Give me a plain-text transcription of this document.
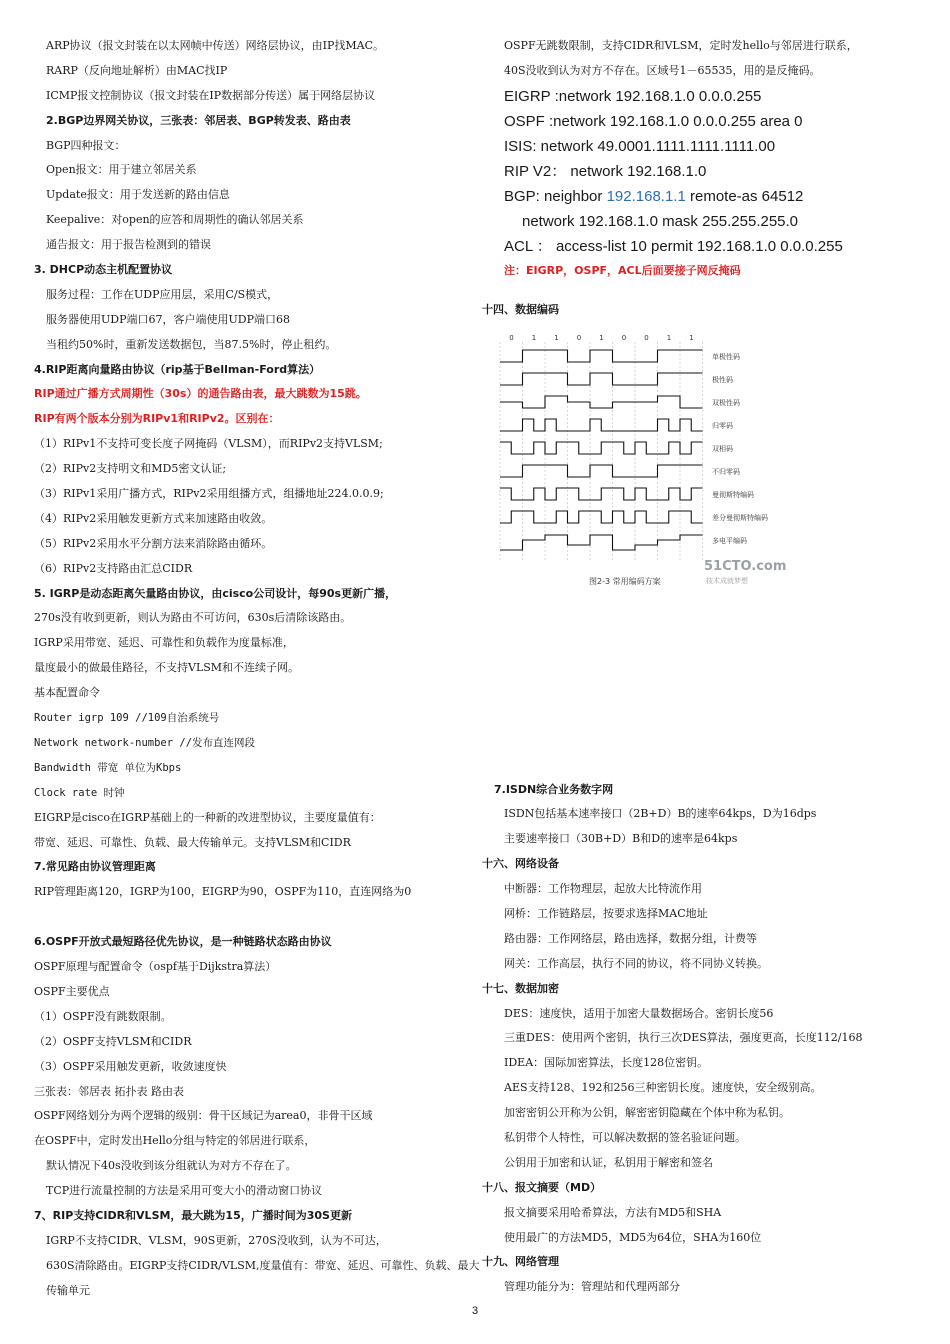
ARP协议（报文封装在以太网帧中传送）网络层协议，由IP找MAC。
RARP（反向地址解析）由MAC找IP
ICMP报文控制协议（报文封装在IP数据部分传送）属于网络层协议
2.BGP边界网关协议，三张表：邻居表、BGP转发表、路由表
BGP四种报文：
Open报文：用于建立邻居关系
Update报文：用于发送新的路由信息
Keepalive：对open的应答和周期性的确认邻居关系
通告报文：用于报告检测到的错误
3. DHCP动态主机配置协议
服务过程：工作在UDP应用层，采用C/S模式，
服务器使用UDP端口67，客户端使用UDP端口68
当租约50%时，重新发送数据包，当87.5%时，停止租约。
4.RIP距离向量路由协议（rip基于Bellman-Ford算法）
RIP通过广播方式周期性（30s）的通告路由表，最大跳数为15跳。
RIP有两个版本分别为RIPv1和RIPv2。区别在：
（1）RIPv1不支持可变长度子网掩码（VLSM），而RIPv2支持VLSM;
（2）RIPv2支持明文和MD5密文认证;
（3）RIPv1采用广播方式，RIPv2采用组播方式，组播地址224.0.0.9;
（4）RIPv2采用触发更新方式来加速路由收敛。
（5）RIPv2采用水平分割方法来消除路由循环。
（6）RIPv2支持路由汇总CIDR
5. IGRP是动态距离矢量路由协议，由cisco公司设计，每90s更新广播，
270s没有收到更新，则认为路由不可访问，630s后清除该路由。
IGRP采用带宽、延迟、可靠性和负载作为度量标准，
量度最小的做最佳路径，不支持VLSM和不连续子网。
基本配置命令
Router igrp 109 //109自治系统号
Network network-number //发布直连网段
Bandwidth 带宽 单位为Kbps
Clock rate 时钟
EIGRP是cisco在IGRP基础上的一种新的改进型协议，主要度量值有：
带宽、延迟、可靠性、负载、最大传输单元。支持VLSM和CIDR
7.常见路由协议管理距离
RIP管理距离120，IGRP为100，EIGRP为90，OSPF为110，直连网络为0
6.OSPF开放式最短路径优先协议，是一种链路状态路由协议
OSPF原理与配置命令（ospf基于Dijkstra算法）
OSPF主要优点
（1）OSPF没有跳数限制。
（2）OSPF支持VLSM和CIDR
（3）OSPF采用触发更新，收敛速度快
三张表：邻居表 拓扑表 路由表
OSPF网络划分为两个逻辑的级别：骨干区域记为area0，非骨干区域
在OSPF中，定时发出Hello分组与特定的邻居进行联系，
默认情况下40s没收到该分组就认为对方不存在了。
TCP进行流量控制的方法是采用可变大小的滑动窗口协议
7、RIP支持CIDR和VLSM，最大跳为15，广播时间为30S更新
IGRP不支持CIDR、VLSM，90S更新，270S没收到，认为不可达，
630S清除路由。EIGRP支持CIDR/VLSM,度量值有：带宽、延迟、可靠性、负载、最大
传输单元
OSPF无跳数限制，支持CIDR和VLSM，定时发hello与邻居进行联系，
40S没收到认为对方不存在。区域号1－65535，用的是反掩码。
EIGRP :network 192.168.1.0 0.0.0.255
OSPF :network 192.168.1.0 0.0.0.255 area 0
ISIS: network 49.0001.1111.1111.1111.00
RIP V2： network 192.168.1.0
BGP: neighbor 192.168.1.1 remote-as 64512
network 192.168.1.0 mask 255.255.255.0
ACL ： access-list 10 permit 192.168.1.0 0.0.0.255
注：EIGRP，OSPF，ACL后面要接子网反掩码
十四、数据编码
7.ISDN综合业务数字网
ISDN包括基本速率接口（2B+D）B的速率64kps，D为16dps
主要速率接口（30B+D）B和D的速率是64kps
十六、网络设备
中断器：工作物理层，起放大比特流作用
网桥：工作链路层，按要求选择MAC地址
路由器：工作网络层，路由选择，数据分组，计费等
网关：工作高层，执行不同的协议，将不同协义转换。
十七、数据加密
DES：速度快，适用于加密大量数据场合。密钥长度56
三重DES：使用两个密钥，执行三次DES算法，强度更高，长度112/168
IDEA：国际加密算法，长度128位密钥。
AES支持128、192和256三种密钥长度。速度快，安全级别高。
加密密钥公开称为公钥，解密密钥隐藏在个体中称为私钥。
私钥带个人特性，可以解决数据的签名验证问题。
公钥用于加密和认证，私钥用于解密和签名
十八、报文摘要（MD）
报文摘要采用哈希算法，方法有MD5和SHA
使用最广的方法MD5，MD5为64位，SHA为160位
十九、网络管理
管理功能分为：管理站和代理两部分
0	1	1	0	1	0	0	1	1
单极性码
极性码
双极性码
归零码
双相码
不归零码
曼彻斯特编码
差分曼彻斯特编码
多电平编码
图2-3 常用编码方案
51CTO.com
技术成就梦想
3
